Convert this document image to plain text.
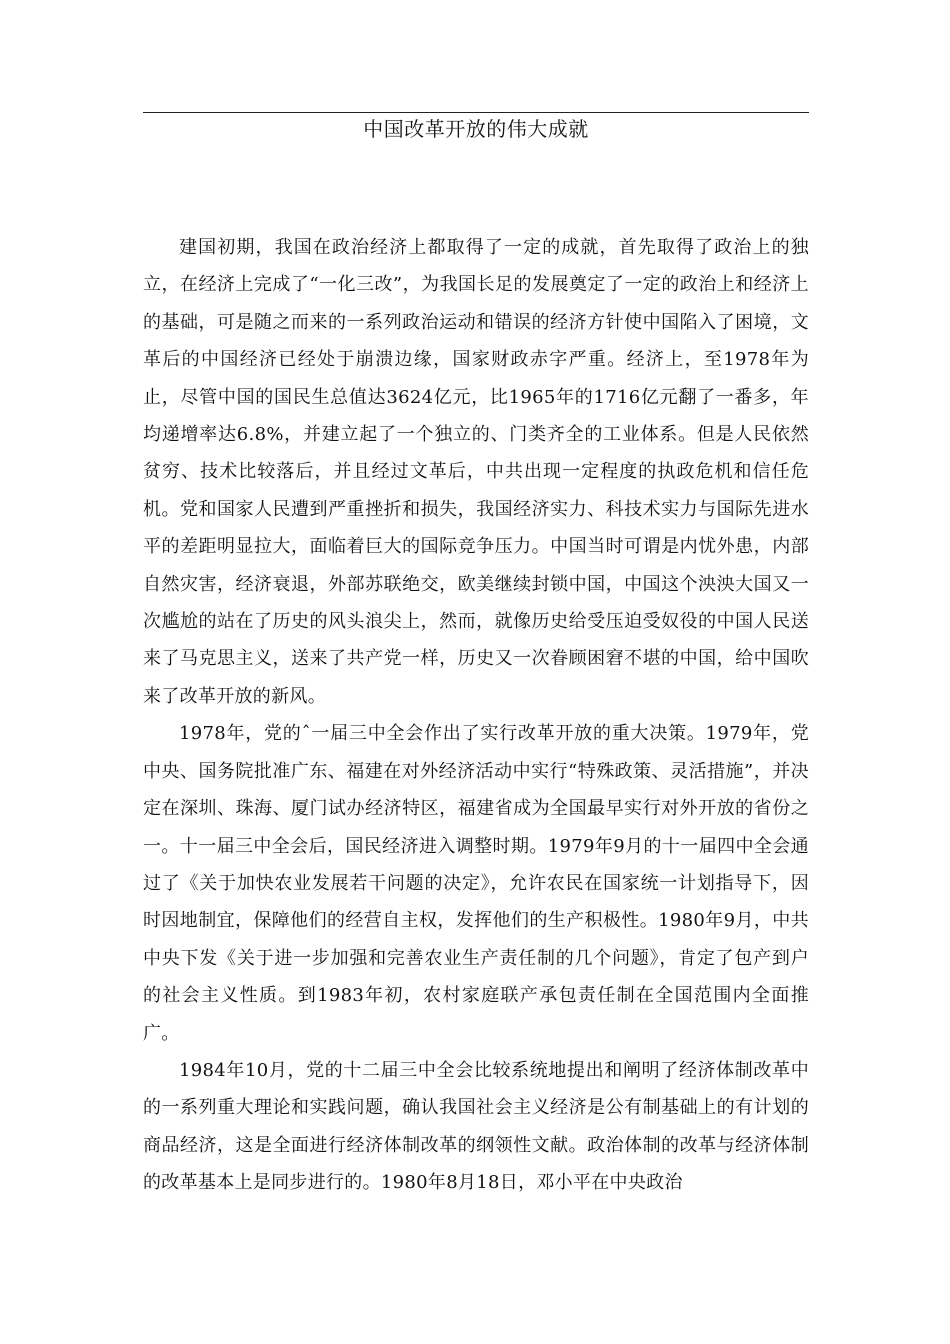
中国改革开放的伟大成就

建国初期，我国在政治经济上都取得了一定的成就，首先取得了政治上的独立，在经济上完成了“一化三改”，为我国长足的发展奠定了一定的政治上和经济上的基础，可是随之而来的一系列政治运动和错误的经济方针使中国陷入了困境，文革后的中国经济已经处于崩溃边缘，国家财政赤字严重。经济上，至1978年为止，尽管中国的国民生总值达3624亿元，比1965年的1716亿元翻了一番多，年均递增率达6.8%，并建立起了一个独立的、门类齐全的工业体系。但是人民依然贫穷、技术比较落后，并且经过文革后，中共出现一定程度的执政危机和信任危机。党和国家人民遭到严重挫折和损失，我国经济实力、科技术实力与国际先进水平的差距明显拉大，面临着巨大的国际竞争压力。中国当时可谓是内忧外患，内部自然灾害，经济衰退，外部苏联绝交，欧美继续封锁中国，中国这个泱泱大国又一次尴尬的站在了历史的风头浪尖上，然而，就像历史给受压迫受奴役的中国人民送来了马克思主义，送来了共产党一样，历史又一次眷顾困窘不堪的中国，给中国吹来了改革开放的新风。

1978年，党的ˆ一届三中全会作出了实行改革开放的重大决策。1979年，党中央、国务院批准广东、福建在对外经济活动中实行“特殊政策、灵活措施”，并决定在深圳、珠海、厦门试办经济特区，福建省成为全国最早实行对外开放的省份之一。十一届三中全会后，国民经济进入调整时期。1979年9月的十一届四中全会通过了《关于加快农业发展若干问题的决定》，允许农民在国家统一计划指导下，因时因地制宜，保障他们的经营自主权，发挥他们的生产积极性。1980年9月，中共中央下发《关于进一步加强和完善农业生产责任制的几个问题》，肯定了包产到户的社会主义性质。到1983年初，农村家庭联产承包责任制在全国范围内全面推广。

1984年10月，党的十二届三中全会比较系统地提出和阐明了经济体制改革中的一系列重大理论和实践问题，确认我国社会主义经济是公有制基础上的有计划的商品经济，这是全面进行经济体制改革的纲领性文献。政治体制的改革与经济体制的改革基本上是同步进行的。1980年8月18日，邓小平在中央政治
